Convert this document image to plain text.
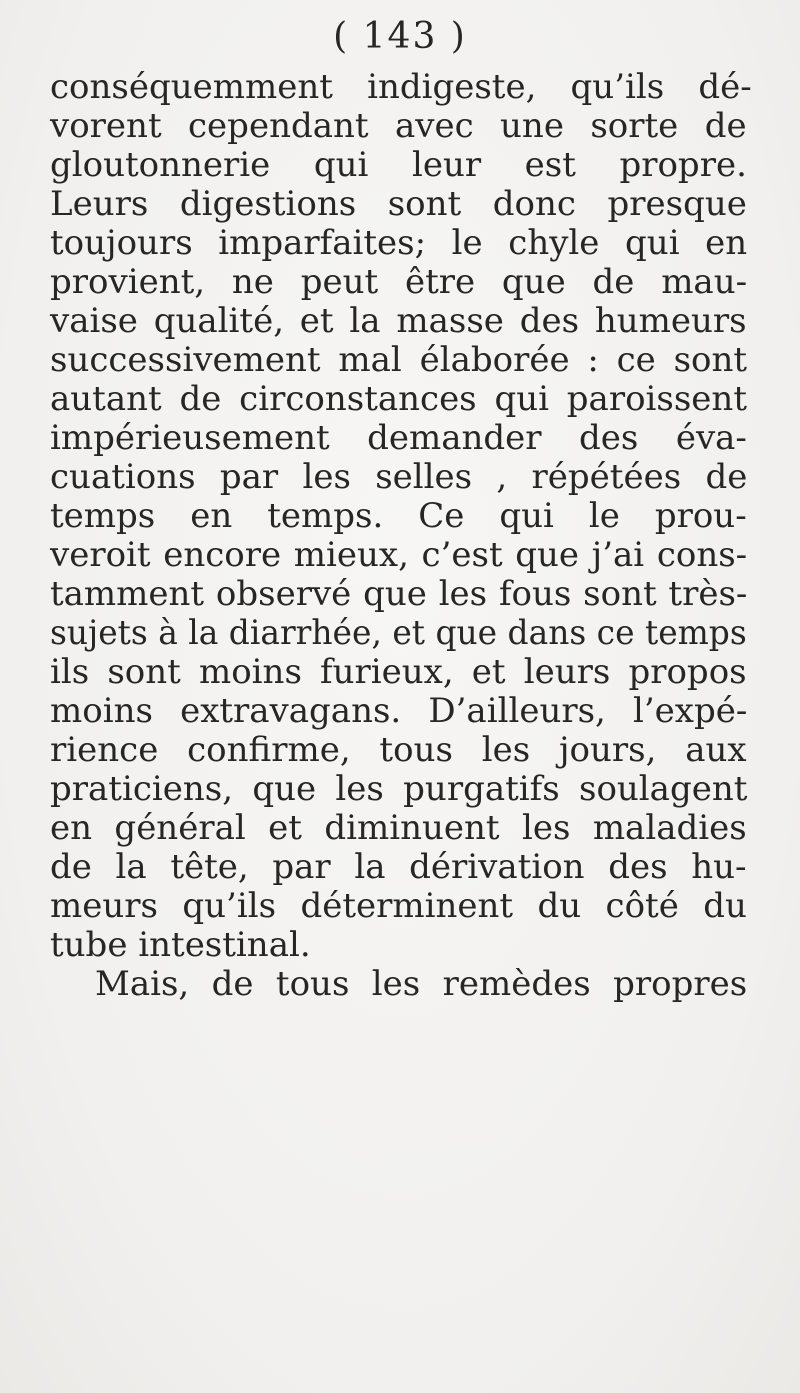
( 143 )
conséquemment indigeste, qu’ils dé-
vorent cependant avec une sorte de
gloutonnerie qui leur est propre.
Leurs digestions sont donc presque
toujours imparfaites; le chyle qui en
provient, ne peut être que de mau-
vaise qualité, et la masse des humeurs
successivement mal élaborée : ce sont
autant de circonstances qui paroissent
impérieusement demander des éva-
cuations par les selles , répétées de
temps en temps. Ce qui le prou-
veroit encore mieux, c’est que j’ai cons-
tamment observé que les fous sont très-
sujets à la diarrhée, et que dans ce temps
ils sont moins furieux, et leurs propos
moins extravagans. D’ailleurs, l’expé-
rience confirme, tous les jours, aux
praticiens, que les purgatifs soulagent
en général et diminuent les maladies
de la tête, par la dérivation des hu-
meurs qu’ils déterminent du côté du
tube intestinal.
Mais, de tous les remèdes propres
